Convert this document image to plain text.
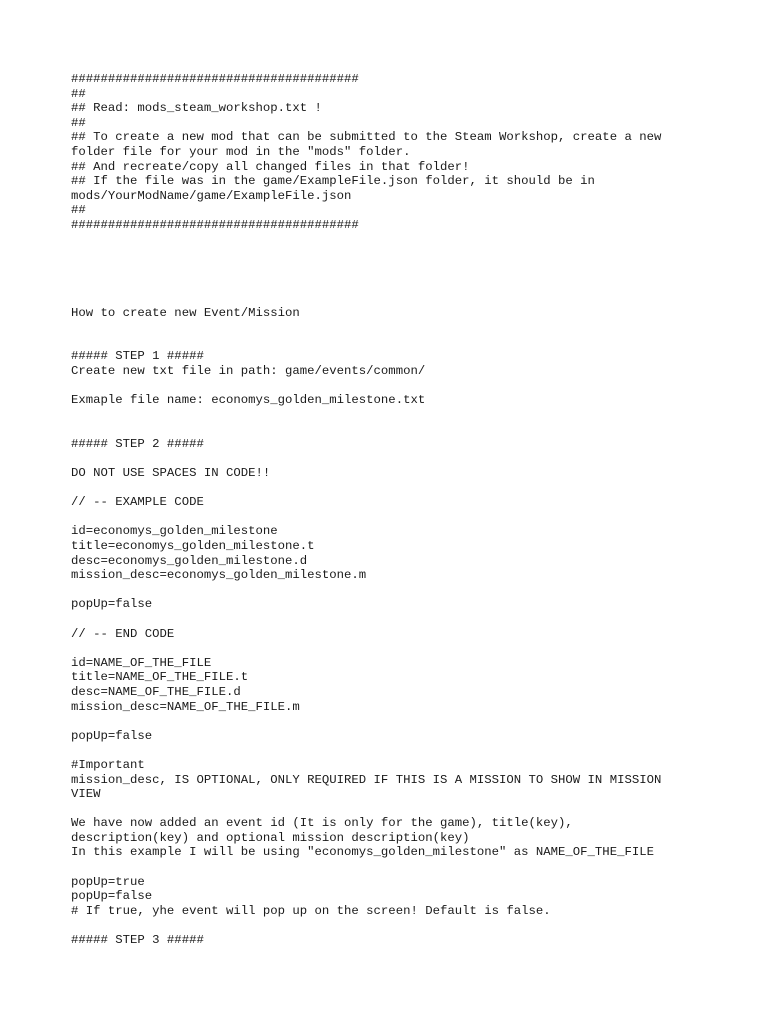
#######################################
##
## Read: mods_steam_workshop.txt !
##
## To create a new mod that can be submitted to the Steam Workshop, create a new
folder file for your mod in the "mods" folder.
## And recreate/copy all changed files in that folder!
## If the file was in the game/ExampleFile.json folder, it should be in
mods/YourModName/game/ExampleFile.json
##
#######################################
How to create new Event/Mission
##### STEP 1 #####
Create new txt file in path: game/events/common/
Exmaple file name: economys_golden_milestone.txt
##### STEP 2 #####
DO NOT USE SPACES IN CODE!!
// -- EXAMPLE CODE
id=economys_golden_milestone
title=economys_golden_milestone.t
desc=economys_golden_milestone.d
mission_desc=economys_golden_milestone.m
popUp=false
// -- END CODE
id=NAME_OF_THE_FILE
title=NAME_OF_THE_FILE.t
desc=NAME_OF_THE_FILE.d
mission_desc=NAME_OF_THE_FILE.m
popUp=false
#Important
mission_desc, IS OPTIONAL, ONLY REQUIRED IF THIS IS A MISSION TO SHOW IN MISSION
VIEW
We have now added an event id (It is only for the game), title(key),
description(key) and optional mission description(key)
In this example I will be using "economys_golden_milestone" as NAME_OF_THE_FILE
popUp=true
popUp=false
# If true, yhe event will pop up on the screen! Default is false.
##### STEP 3 #####
